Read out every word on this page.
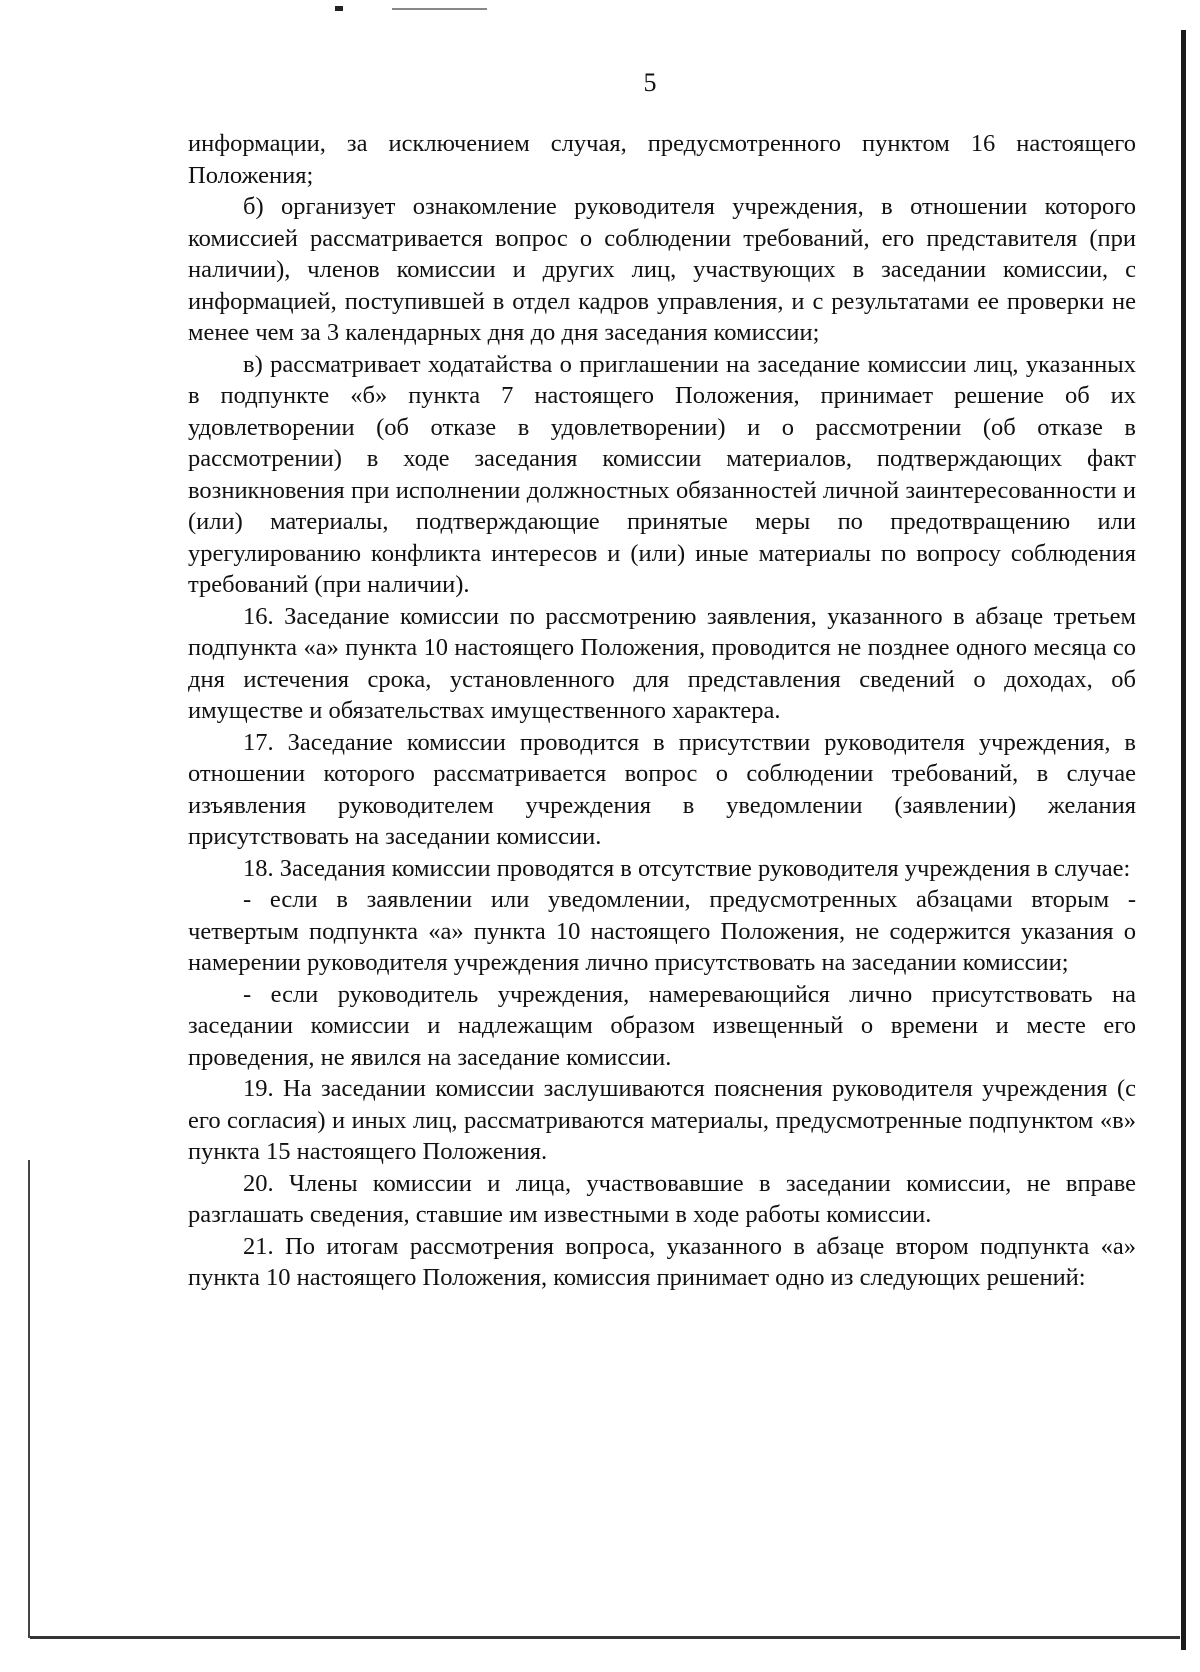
5

информации, за исключением случая, предусмотренного пунктом 16 настоящего Положения;

б) организует ознакомление руководителя учреждения, в отношении которого комиссией рассматривается вопрос о соблюдении требований, его представителя (при наличии), членов комиссии и других лиц, участвующих в заседании комиссии, с информацией, поступившей в отдел кадров управления, и с результатами ее проверки не менее чем за 3 календарных дня до дня заседания комиссии;

в) рассматривает ходатайства о приглашении на заседание комиссии лиц, указанных в подпункте «б» пункта 7 настоящего Положения, принимает решение об их удовлетворении (об отказе в удовлетворении) и о рассмотрении (об отказе в рассмотрении) в ходе заседания комиссии материалов, подтверждающих факт возникновения при исполнении должностных обязанностей личной заинтересованности и (или) материалы, подтверждающие принятые меры по предотвращению или урегулированию конфликта интересов и (или) иные материалы по вопросу соблюдения требований (при наличии).

16. Заседание комиссии по рассмотрению заявления, указанного в абзаце третьем подпункта «а» пункта 10 настоящего Положения, проводится не позднее одного месяца со дня истечения срока, установленного для представления сведений о доходах, об имуществе и обязательствах имущественного характера.

17. Заседание комиссии проводится в присутствии руководителя учреждения, в отношении которого рассматривается вопрос о соблюдении требований, в случае изъявления руководителем учреждения в уведомлении (заявлении) желания присутствовать на заседании комиссии.

18. Заседания комиссии проводятся в отсутствие руководителя учреждения в случае:

- если в заявлении или уведомлении, предусмотренных абзацами вторым - четвертым подпункта «а» пункта 10 настоящего Положения, не содержится указания о намерении руководителя учреждения лично присутствовать на заседании комиссии;

- если руководитель учреждения, намеревающийся лично присутствовать на заседании комиссии и надлежащим образом извещенный о времени и месте его проведения, не явился на заседание комиссии.

19. На заседании комиссии заслушиваются пояснения руководителя учреждения (с его согласия) и иных лиц, рассматриваются материалы, предусмотренные подпунктом «в» пункта 15 настоящего Положения.

20. Члены комиссии и лица, участвовавшие в заседании комиссии, не вправе разглашать сведения, ставшие им известными в ходе работы комиссии.

21. По итогам рассмотрения вопроса, указанного в абзаце втором подпункта «а» пункта 10 настоящего Положения, комиссия принимает одно из следующих решений:
